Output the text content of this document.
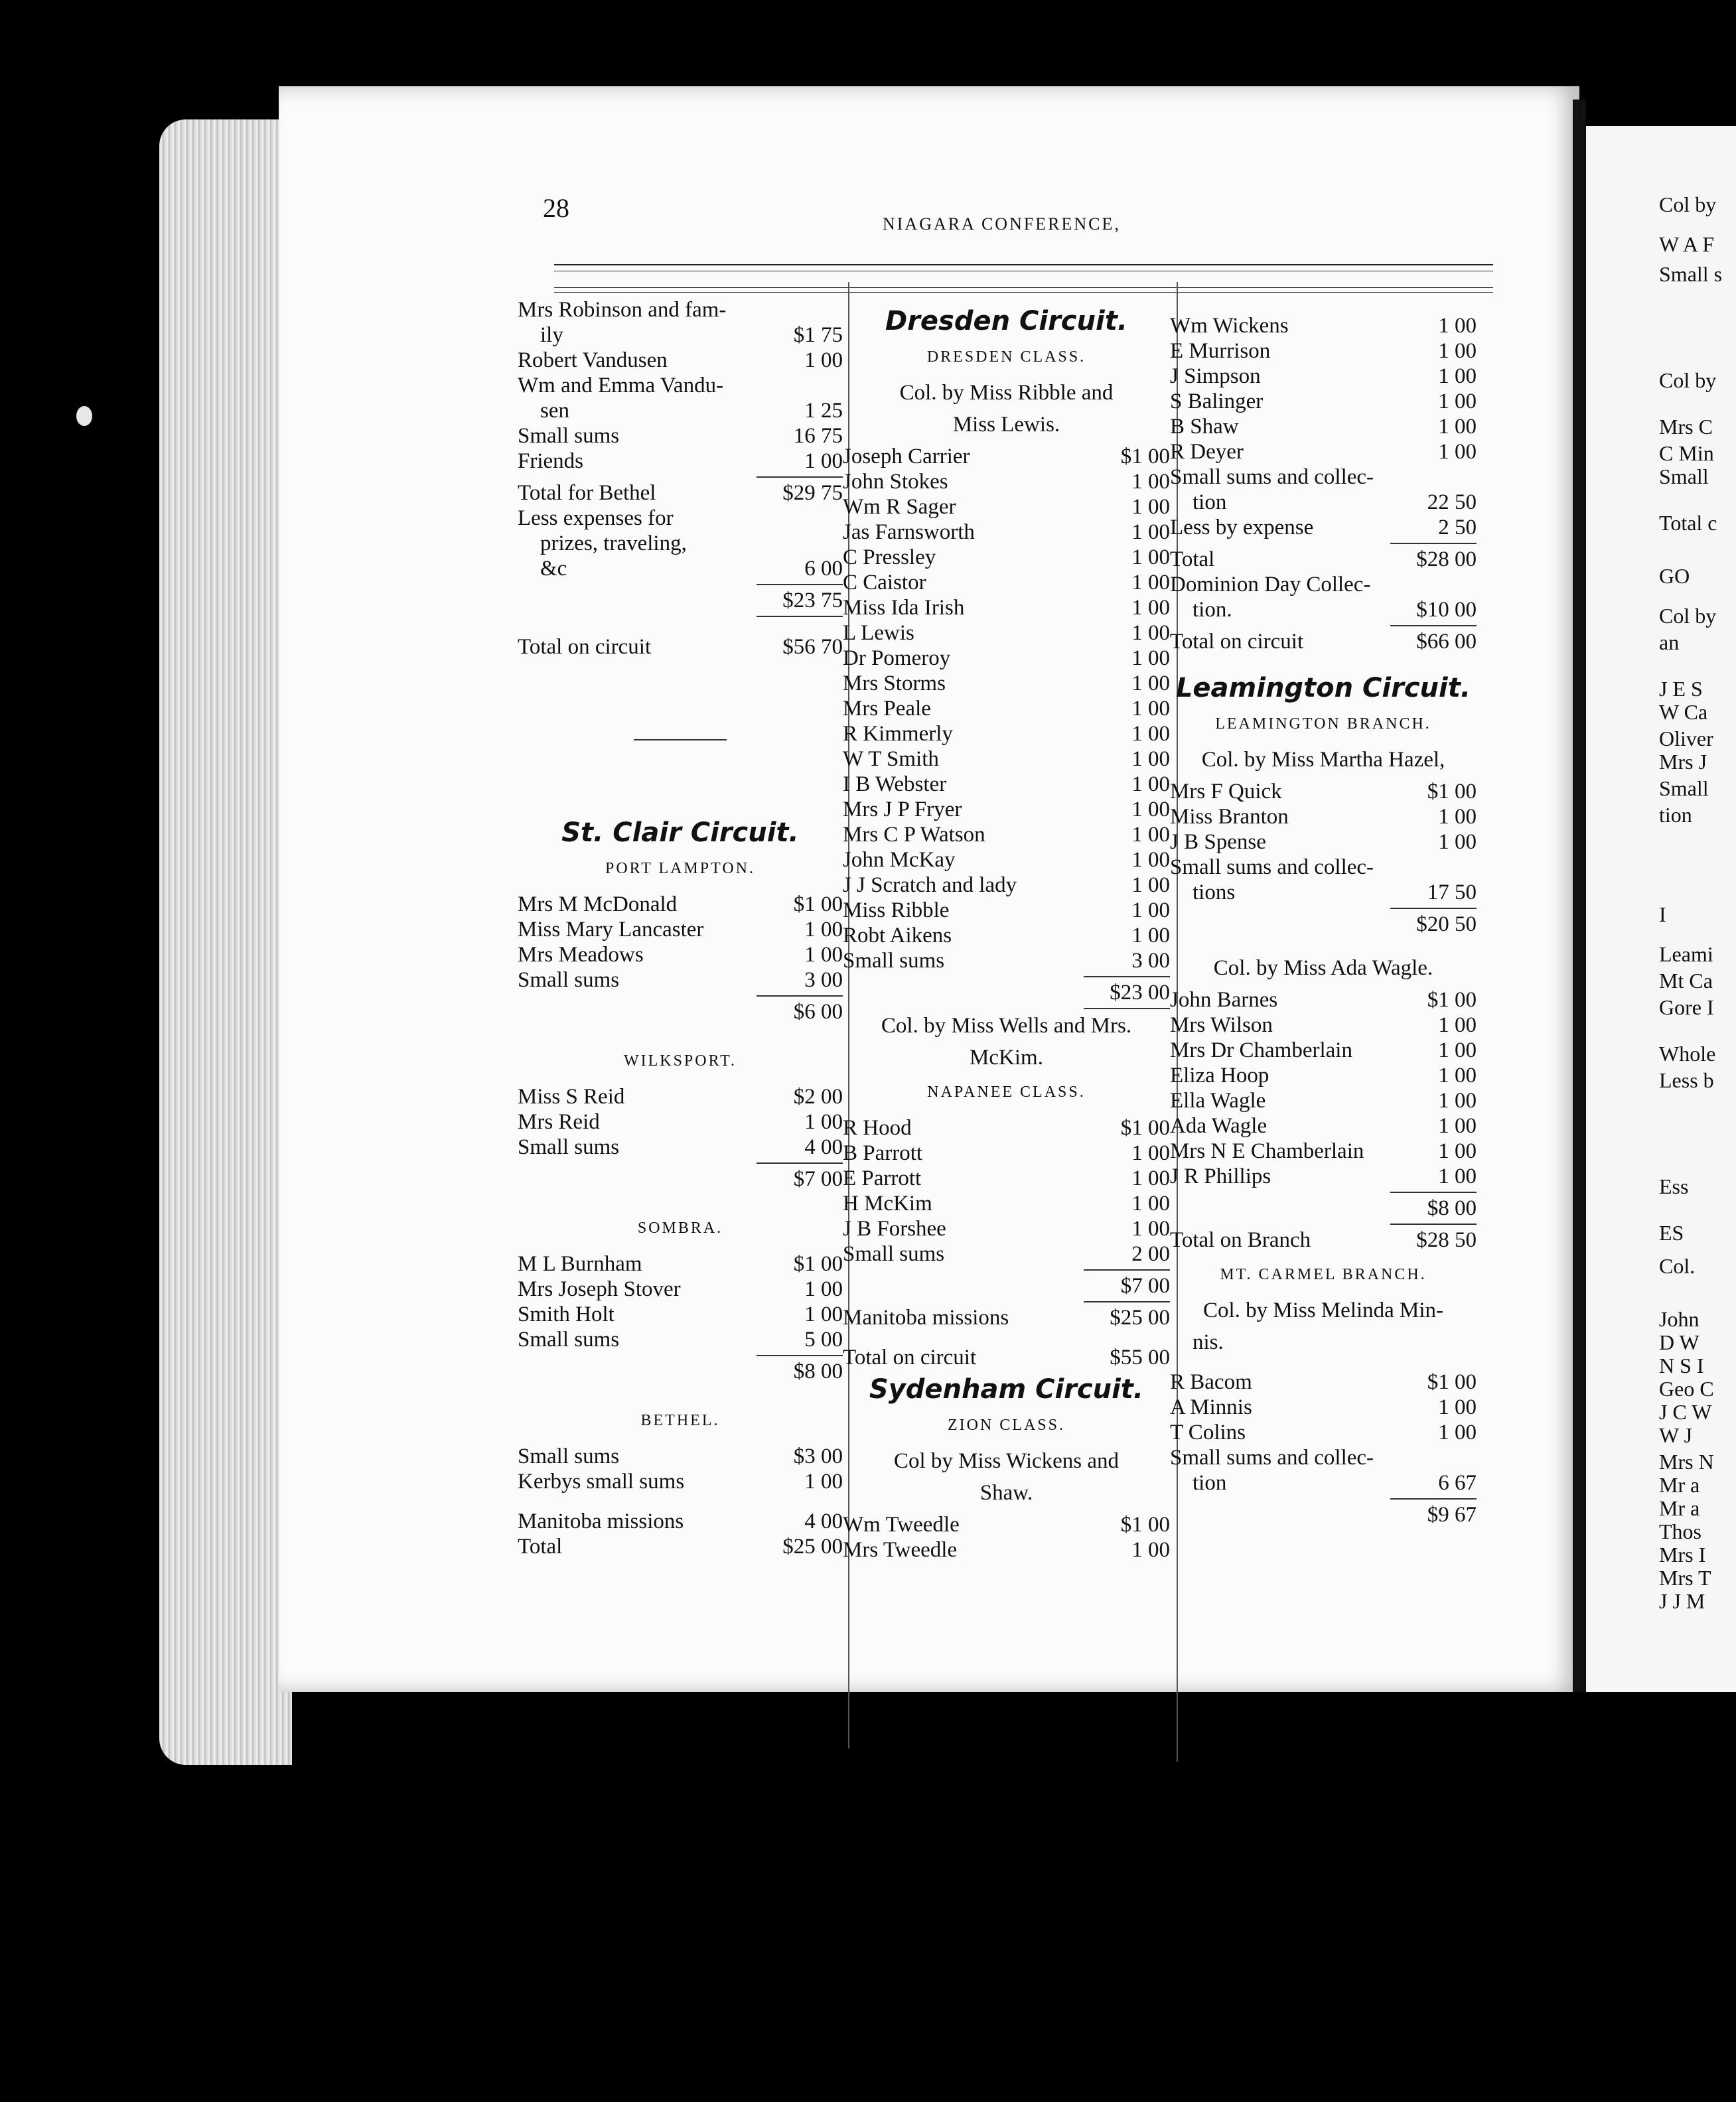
Col by
W A F
Small s
Col by
Mrs C
C Min
Small
Total c
GO
Col by
an
J E S
W Ca
Oliver
Mrs J
Small
tion
I
Leami
Mt Ca
Gore I
Whole
Less b
Ess
ES
Col.
John
D W
N S I
Geo C
J C W
W J
Mrs N
Mr a
Mr a
Thos
Mrs I
Mrs T
J J M
28
NIAGARA CONFERENCE,
Mrs Robinson and fam-
ily	$1 75
Robert Vandusen	1 00
Wm and Emma Vandu-
sen	1 25
Small sums	16 75
Friends	1 00
Total for Bethel	$29 75
Less expenses for
prizes, traveling,
&c	6 00
$23 75
Total on circuit	$56 70
St. Clair Circuit.
PORT LAMPTON.
Mrs M McDonald	$1 00
Miss Mary Lancaster	1 00
Mrs Meadows	1 00
Small sums	3 00
$6 00
WILKSPORT.
Miss S Reid	$2 00
Mrs Reid	1 00
Small sums	4 00
$7 00
SOMBRA.
M L Burnham	$1 00
Mrs Joseph Stover	1 00
Smith Holt	1 00
Small sums	5 00
$8 00
BETHEL.
Small sums	$3 00
Kerbys small sums	1 00
Manitoba missions	4 00
Total	$25 00
Dresden Circuit.
DRESDEN CLASS.
Col. by Miss Ribble and
Miss Lewis.
Joseph Carrier	$1 00
John Stokes	1 00
Wm R Sager	1 00
Jas Farnsworth	1 00
C Pressley	1 00
C Caistor	1 00
Miss Ida Irish	1 00
L Lewis	1 00
Dr Pomeroy	1 00
Mrs Storms	1 00
Mrs Peale	1 00
R Kimmerly	1 00
W T Smith	1 00
I B Webster	1 00
Mrs J P Fryer	1 00
Mrs C P Watson	1 00
John McKay	1 00
J J Scratch and lady	1 00
Miss Ribble	1 00
Robt Aikens	1 00
Small sums	3 00
$23 00
Col. by Miss Wells and Mrs.
McKim.
NAPANEE CLASS.
R Hood	$1 00
B Parrott	1 00
E Parrott	1 00
H McKim	1 00
J B Forshee	1 00
Small sums	2 00
$7 00
Manitoba missions	$25 00
Total on circuit	$55 00
Sydenham Circuit.
ZION CLASS.
Col by Miss Wickens and
Shaw.
Wm Tweedle	$1 00
Mrs Tweedle	1 00
Wm Wickens	1 00
E Murrison	1 00
J Simpson	1 00
S Balinger	1 00
B Shaw	1 00
R Deyer	1 00
Small sums and collec-
tion	22 50
Less by expense	2 50
Total	$28 00
Dominion Day Collec-
tion.	$10 00
Total on circuit	$66 00
Leamington Circuit.
LEAMINGTON BRANCH.
Col. by Miss Martha Hazel,
Mrs F Quick	$1 00
Miss Branton	1 00
J B Spense	1 00
Small sums and collec-
tions	17 50
$20 50
Col. by Miss Ada Wagle.
John Barnes	$1 00
Mrs Wilson	1 00
Mrs Dr Chamberlain	1 00
Eliza Hoop	1 00
Ella Wagle	1 00
Ada Wagle	1 00
Mrs N E Chamberlain	1 00
J R Phillips	1 00
$8 00
Total on Branch	$28 50
MT. CARMEL BRANCH.
Col. by Miss Melinda Min-
nis.
R Bacom	$1 00
A Minnis	1 00
T Colins	1 00
Small sums and collec-
tion	6 67
$9 67
